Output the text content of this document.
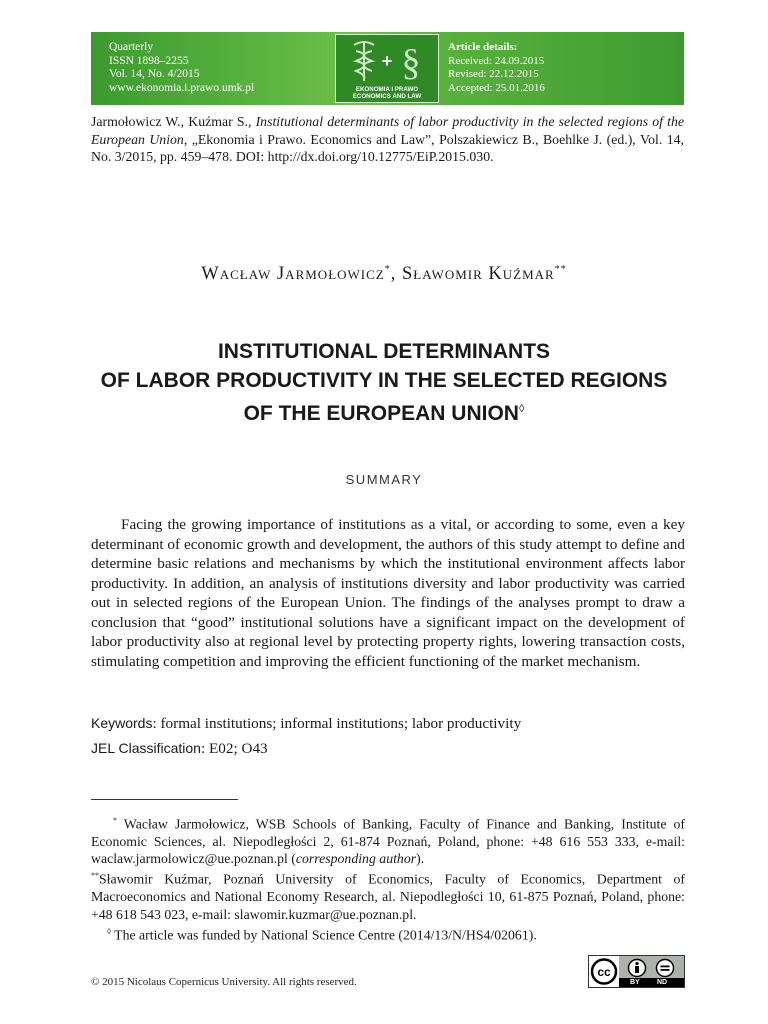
Quarterly
ISSN 1898–2255
Vol. 14, No. 4/2015
www.ekonomia.i.prawo.umk.pl
+ §
EKONOMIA I PRAWO
ECONOMICS AND LAW
Article details:
Received: 24.09.2015
Revised: 22.12.2015
Accepted: 25.01.2016
Jarmołowicz W., Kuźmar S., Institutional determinants of labor productivity in the selected regions of the European Union, „Ekonomia i Prawo. Economics and Law”, Polszakiewicz B., Boehlke J. (ed.), Vol. 14, No. 3/2015, pp. 459–478. DOI: http://dx.doi.org/10.12775/EiP.2015.030.
Wacław Jarmołowicz*, Sławomir Kuźmar**
INSTITUTIONAL DETERMINANTS
OF LABOR PRODUCTIVITY IN THE SELECTED REGIONS
OF THE EUROPEAN UNION◊
SUMMARY

Facing the growing importance of institutions as a vital, or according to some, even a key determinant of economic growth and development, the authors of this study attempt to define and determine basic relations and mechanisms by which the institutional environment affects labor productivity. In addition, an analysis of institutions diversity and labor productivity was carried out in selected regions of the European Union. The findings of the analyses prompt to draw a conclusion that “good” institutional solutions have a significant impact on the development of labor productivity also at regional level by protecting property rights, lowering transaction costs, stimulating competition and improving the efficient functioning of the market mechanism.

Keywords: formal institutions; informal institutions; labor productivity
JEL Classification: E02; O43

* Wacław Jarmołowicz, WSB Schools of Banking, Faculty of Finance and Banking, Institute of Economic Sciences, al. Niepodległości 2, 61-874 Poznań, Poland, phone: +48 616 553 333, e-mail: waclaw.jarmolowicz@ue.poznan.pl (corresponding author).

**Sławomir Kuźmar, Poznań University of Economics, Faculty of Economics, Department of Macroeconomics and National Economy Research, al. Niepodległości 10, 61-875 Poznań, Poland, phone: +48 618 543 023, e-mail: slawomir.kuzmar@ue.poznan.pl.

◊ The article was funded by National Science Centre (2014/13/N/HS4/02061).

© 2015 Nicolaus Copernicus University. All rights reserved.
cc
BY ND
